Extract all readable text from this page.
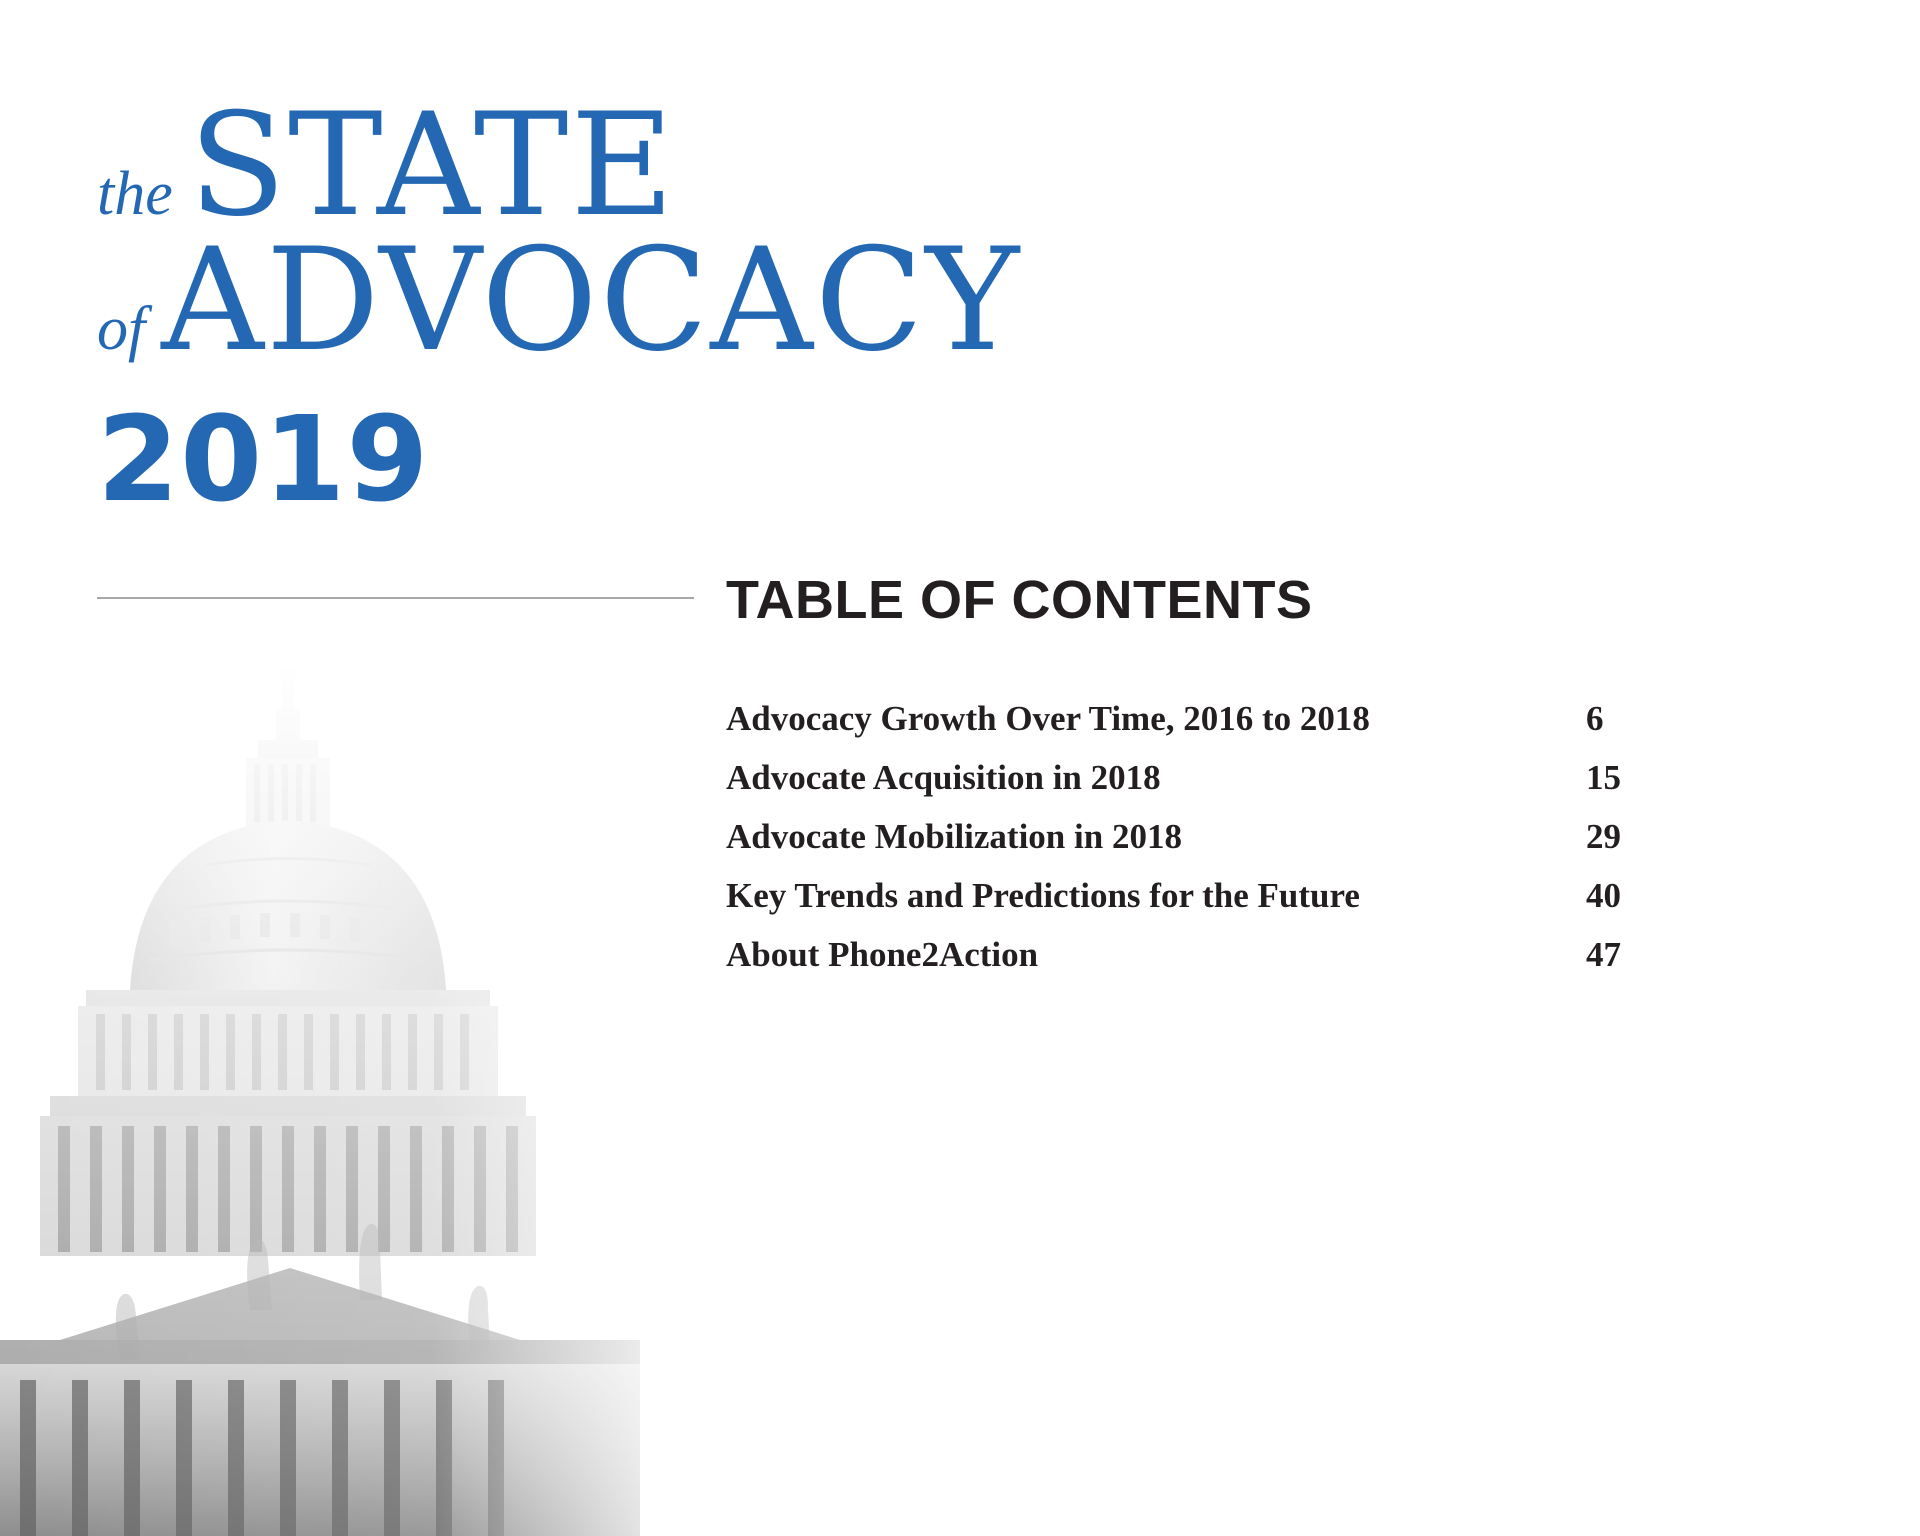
the STATE
of ADVOCACY
2019
TABLE OF CONTENTS
Advocacy Growth Over Time, 2016 to 2018	6
Advocate Acquisition in 2018	15
Advocate Mobilization in 2018	29
Key Trends and Predictions for the Future	40
About Phone2Action	47
